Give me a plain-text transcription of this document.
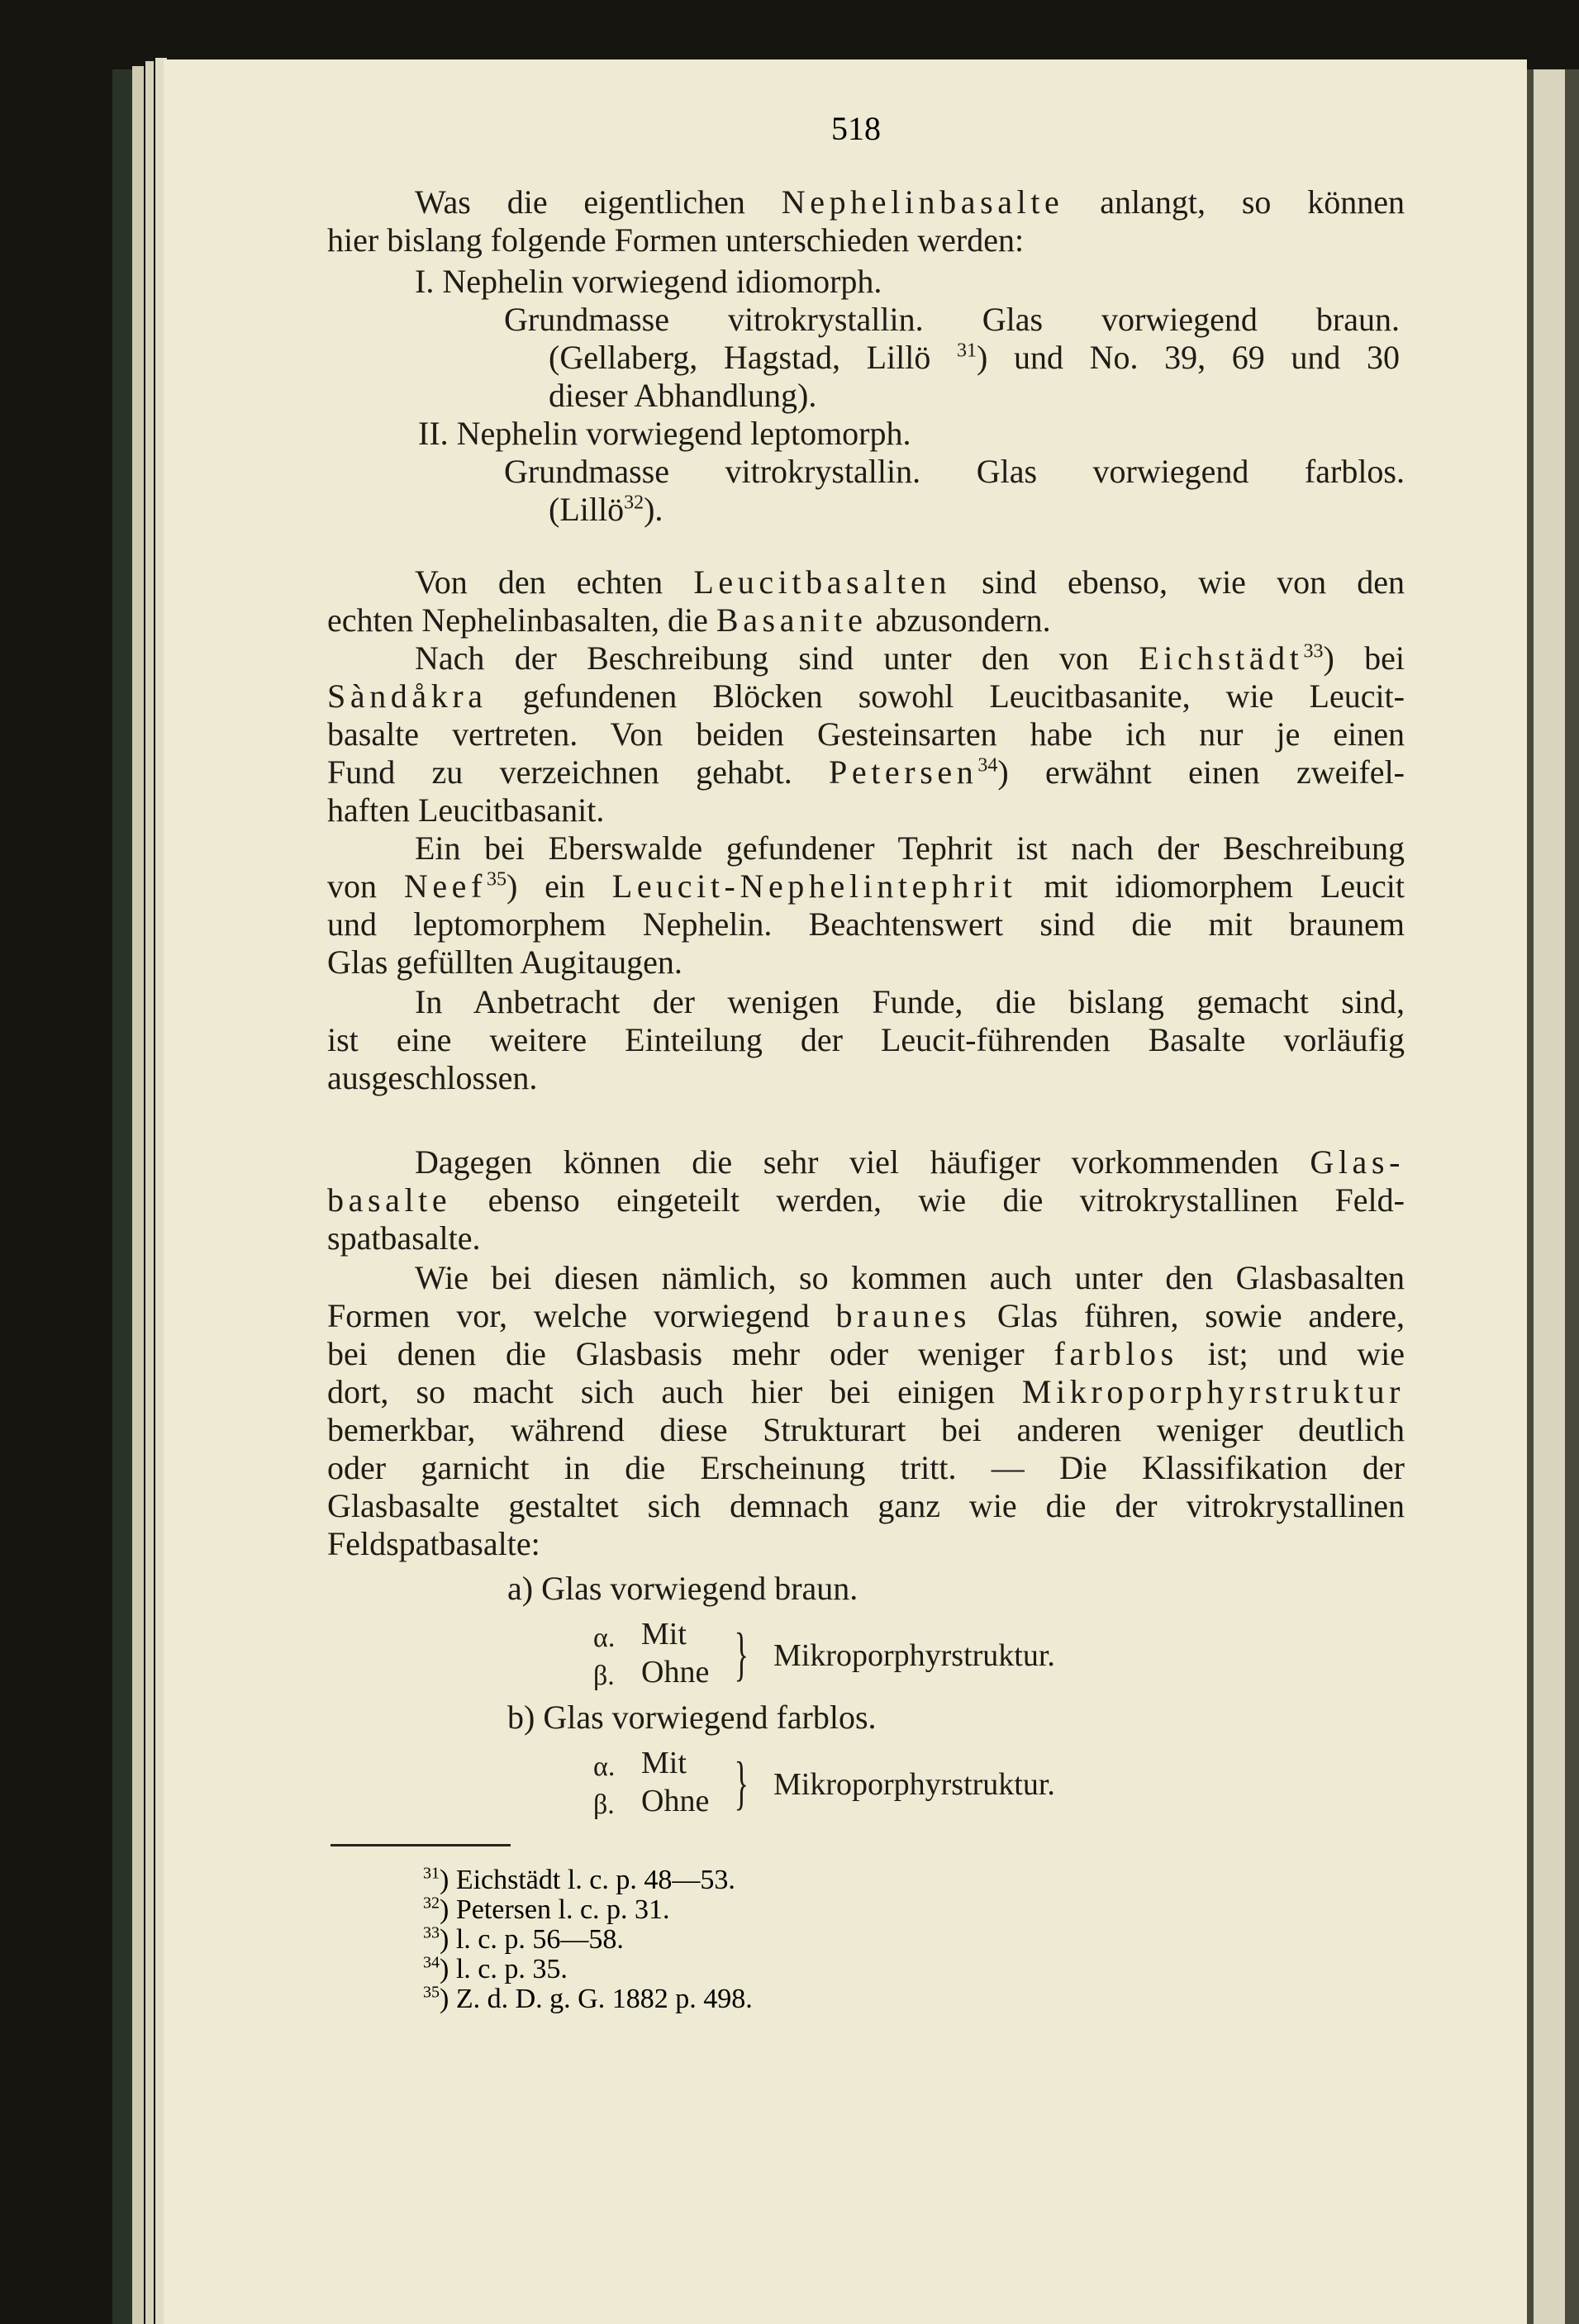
518
Was die eigentlichen Nephelinbasalte anlangt, so können
hier bislang folgende Formen unterschieden werden:
I. Nephelin vorwiegend idiomorph.
Grundmasse vitrokrystallin. Glas vorwiegend braun.
(Gellaberg, Hagstad, Lillö $^{31}$) und No. 39, 69 und 30
dieser Abhandlung).
II. Nephelin vorwiegend leptomorph.
Grundmasse vitrokrystallin. Glas vorwiegend farblos.
(Lillö$^{32}$).
Von den echten Leucitbasalten sind ebenso, wie von den
echten Nephelinbasalten, die Basanite abzusondern.
Nach der Beschreibung sind unter den von Eichstädt$^{33}$) bei
Sàndåkra gefundenen Blöcken sowohl Leucitbasanite, wie Leucit-
basalte vertreten. Von beiden Gesteinsarten habe ich nur je einen
Fund zu verzeichnen gehabt. Petersen$^{34}$) erwähnt einen zweifel-
haften Leucitbasanit.
Ein bei Eberswalde gefundener Tephrit ist nach der Beschreibung
von Neef$^{35}$) ein Leucit-Nephelintephrit mit idiomorphem Leucit
und leptomorphem Nephelin. Beachtenswert sind die mit braunem
Glas gefüllten Augitaugen.
In Anbetracht der wenigen Funde, die bislang gemacht sind,
ist eine weitere Einteilung der Leucit-führenden Basalte vorläufig
ausgeschlossen.
Dagegen können die sehr viel häufiger vorkommenden Glas-
basalte ebenso eingeteilt werden, wie die vitrokrystallinen Feld-
spatbasalte.
Wie bei diesen nämlich, so kommen auch unter den Glasbasalten
Formen vor, welche vorwiegend braunes Glas führen, sowie andere,
bei denen die Glasbasis mehr oder weniger farblos ist; und wie
dort, so macht sich auch hier bei einigen Mikroporphyrstruktur
bemerkbar, während diese Strukturart bei anderen weniger deutlich
oder garnicht in die Erscheinung tritt. — Die Klassifikation der
Glasbasalte gestaltet sich demnach ganz wie die der vitrokrystallinen
Feldspatbasalte:
a) Glas vorwiegend braun.
α. Mit
β. Ohne } Mikroporphyrstruktur.
b) Glas vorwiegend farblos.
α. Mit
β. Ohne } Mikroporphyrstruktur.
$^{31}$) Eichstädt l. c. p. 48—53.
$^{32}$) Petersen l. c. p. 31.
$^{33}$) l. c. p. 56—58.
$^{34}$) l. c. p. 35.
$^{35}$) Z. d. D. g. G. 1882 p. 498.
